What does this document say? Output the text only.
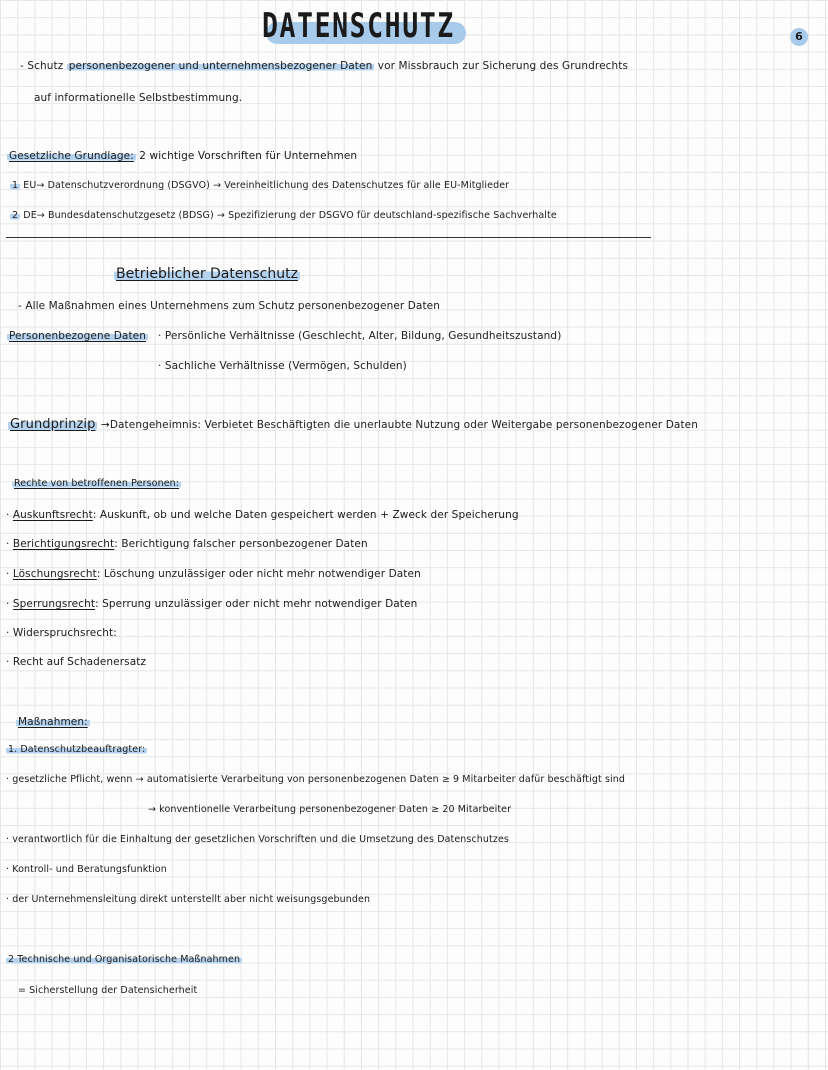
DATENSCHUTZ	6
- Schutz personenbezogener und unternehmensbezogener Daten vor Missbrauch zur Sicherung des Grundrechts
auf informationelle Selbstbestimmung.
Gesetzliche Grundlage: 2 wichtige Vorschriften für Unternehmen
1 EU→ Datenschutzverordnung (DSGVO) → Vereinheitlichung des Datenschutzes für alle EU-Mitglieder
2 DE→ Bundesdatenschutzgesetz (BDSG) → Spezifizierung der DSGVO für deutschland-spezifische Sachverhalte
Betrieblicher Datenschutz
- Alle Maßnahmen eines Unternehmens zum Schutz personenbezogener Daten
Personenbezogene Daten · Persönliche Verhältnisse (Geschlecht, Alter, Bildung, Gesundheitszustand)
· Sachliche Verhältnisse (Vermögen, Schulden)
Grundprinzip →Datengeheimnis: Verbietet Beschäftigten die unerlaubte Nutzung oder Weitergabe personenbezogener Daten
Rechte von betroffenen Personen:
· Auskunftsrecht: Auskunft, ob und welche Daten gespeichert werden + Zweck der Speicherung
· Berichtigungsrecht: Berichtigung falscher personbezogener Daten
· Löschungsrecht: Löschung unzulässiger oder nicht mehr notwendiger Daten
· Sperrungsrecht: Sperrung unzulässiger oder nicht mehr notwendiger Daten
· Widerspruchsrecht:
· Recht auf Schadenersatz
Maßnahmen:
1. Datenschutzbeauftragter:
· gesetzliche Pflicht, wenn → automatisierte Verarbeitung von personenbezogenen Daten ≥ 9 Mitarbeiter dafür beschäftigt sind
→ konventionelle Verarbeitung personenbezogener Daten ≥ 20 Mitarbeiter
· verantwortlich für die Einhaltung der gesetzlichen Vorschriften und die Umsetzung des Datenschutzes
· Kontroll- und Beratungsfunktion
· der Unternehmensleitung direkt unterstellt aber nicht weisungsgebunden
2 Technische und Organisatorische Maßnahmen
= Sicherstellung der Datensicherheit
